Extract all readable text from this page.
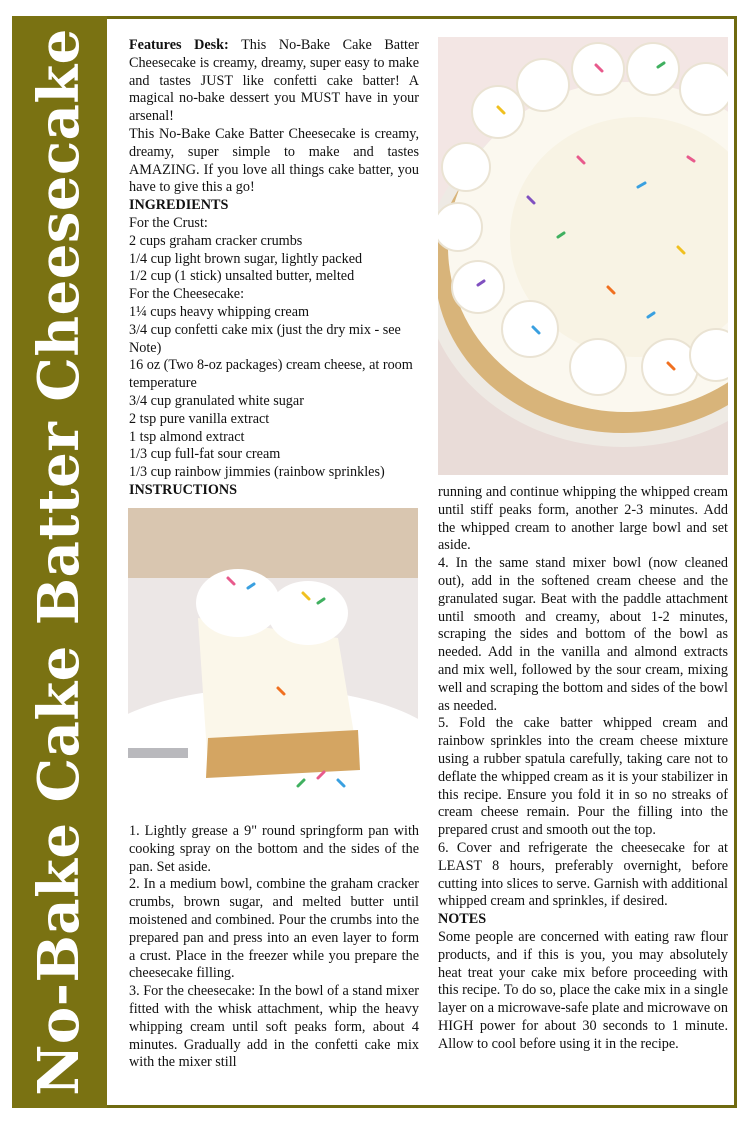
No-Bake Cake Batter Cheesecake	Features Desk: This No-Bake Cake Batter Cheesecake is creamy, dreamy, super easy to make and tastes JUST like confetti cake batter! A magical no-bake dessert you MUST have in your arsenal!

This No-Bake Cake Batter Cheesecake is creamy, dreamy, super simple to make and tastes AMAZING. If you love all things cake batter, you have to give this a go!

INGREDIENTS

For the Crust:

2 cups graham cracker crumbs

1/4 cup light brown sugar, lightly packed

1/2 cup (1 stick) unsalted butter, melted

For the Cheesecake:

1¼ cups heavy whipping cream

3/4 cup confetti cake mix (just the dry mix - see Note)

16 oz (Two 8-oz packages) cream cheese, at room temperature

3/4 cup granulated white sugar

2 tsp pure vanilla extract

1 tsp almond extract

1/3 cup full-fat sour cream

1/3 cup rainbow jimmies (rainbow sprinkles)

INSTRUCTIONS

1. Lightly grease a 9" round springform pan with cooking spray on the bottom and the sides of the pan. Set aside.

2. In a medium bowl, combine the graham cracker crumbs, brown sugar, and melted butter until moistened and combined. Pour the crumbs into the prepared pan and press into an even layer to form a crust. Place in the freezer while you prepare the cheesecake filling.

3. For the cheesecake: In the bowl of a stand mixer fitted with the whisk attachment, whip the heavy whipping cream until soft peaks form, about 4 minutes. Gradually add in the confetti cake mix with the mixer still

running and continue whipping the whipped cream until stiff peaks form, another 2-3 minutes. Add the whipped cream to another large bowl and set aside.

4. In the same stand mixer bowl (now cleaned out), add in the softened cream cheese and the granulated sugar. Beat with the paddle attachment until smooth and creamy, about 1-2 minutes, scraping the sides and bottom of the bowl as needed. Add in the vanilla and almond extracts and mix well, followed by the sour cream, mixing well and scraping the bottom and sides of the bowl as needed.

5. Fold the cake batter whipped cream and rainbow sprinkles into the cream cheese mixture using a rubber spatula carefully, taking care not to deflate the whipped cream as it is your stabilizer in this recipe. Ensure you fold it in so no streaks of cream cheese remain. Pour the filling into the prepared crust and smooth out the top.

6. Cover and refrigerate the cheesecake for at LEAST 8 hours, preferably overnight, before cutting into slices to serve. Garnish with additional whipped cream and sprinkles, if desired.

NOTES

Some people are concerned with eating raw flour products, and if this is you, you may absolutely heat treat your cake mix before proceeding with this recipe. To do so, place the cake mix in a single layer on a microwave-safe plate and microwave on HIGH power for about 30 seconds to 1 minute. Allow to cool before using it in the recipe.
